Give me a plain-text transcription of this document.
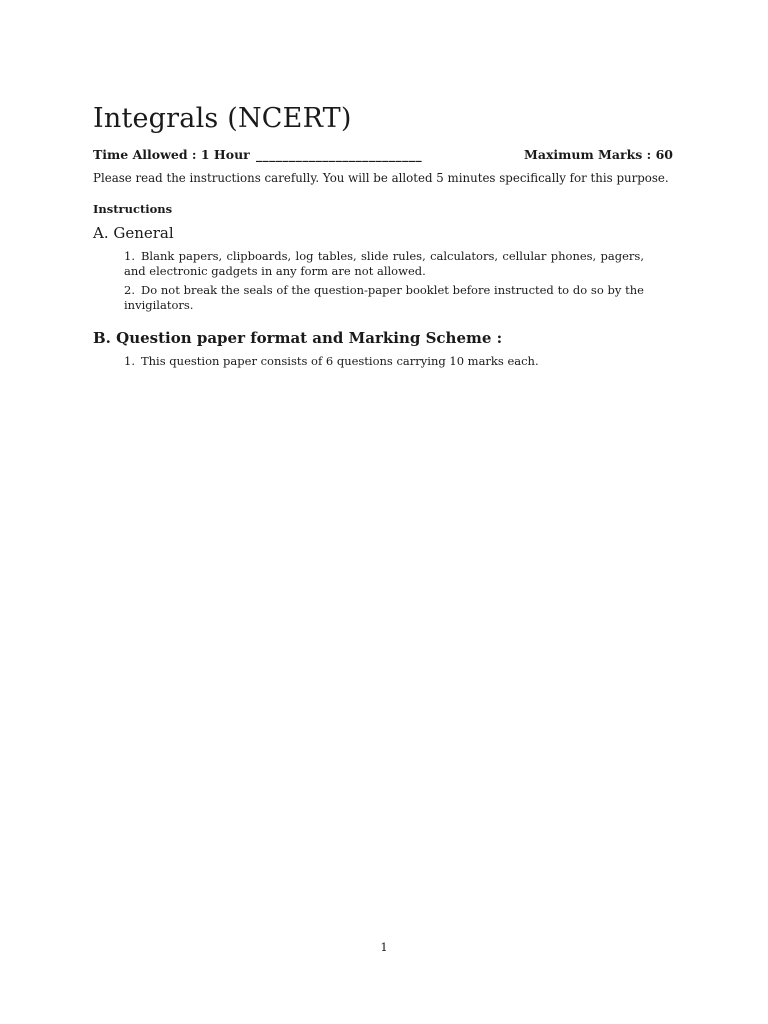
Integrals (NCERT)
Time Allowed : 1 Hour _________________________	Maximum Marks : 60
Please read the instructions carefully. You will be alloted 5 minutes specifically for this purpose.
Instructions
A. General
1. Blank papers, clipboards, log tables, slide rules, calculators, cellular phones, pagers, and electronic gadgets in any form are not allowed.
2. Do not break the seals of the question-paper booklet before instructed to do so by the invigilators.
B. Question paper format and Marking Scheme :
1. This question paper consists of 6 questions carrying 10 marks each.
1
